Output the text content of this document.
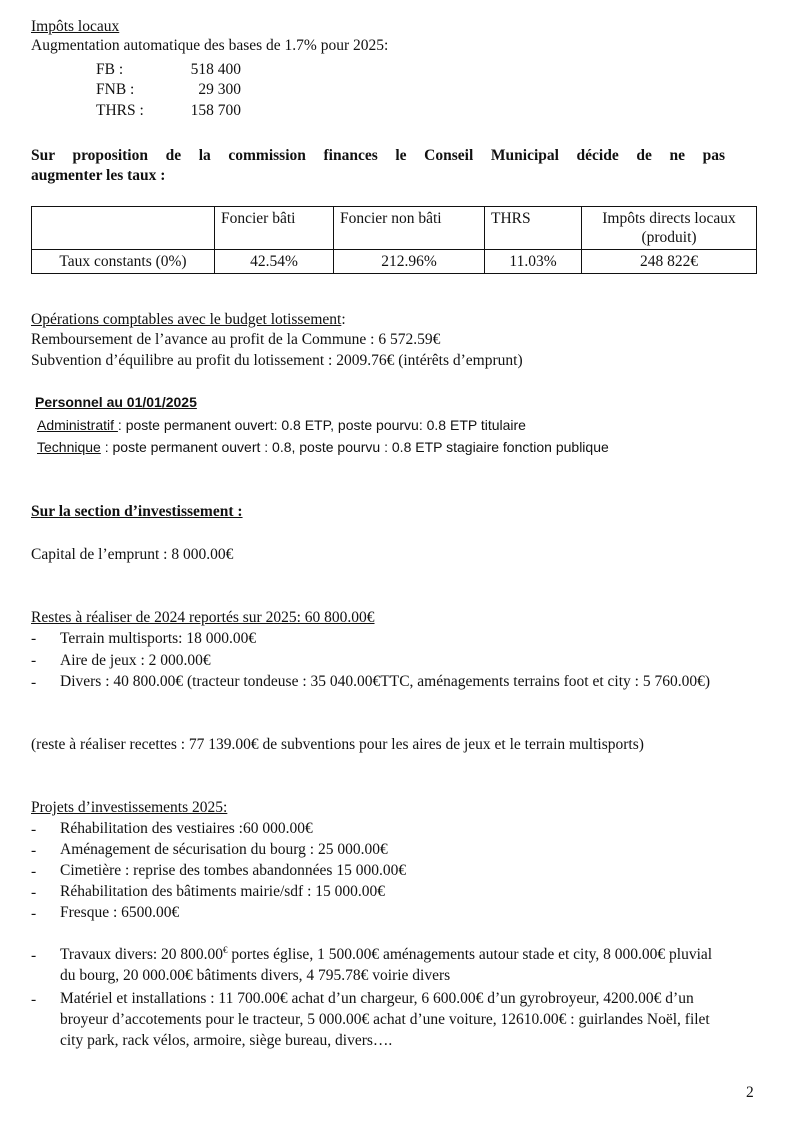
Impôts locaux
Augmentation automatique des bases de 1.7% pour 2025:
FB :	518 400
FNB :	29 300
THRS :	158 700
Sur proposition de la commission finances le Conseil Municipal décide de ne pas
augmenter les taux :
	Foncier bâti	Foncier non bâti	THRS	Impôts directs locaux (produit)
Taux constants (0%)	42.54%	212.96%	11.03%	248 822€
Opérations comptables avec le budget lotissement:
Remboursement de l’avance au profit de la Commune : 6 572.59€
Subvention d’équilibre au profit du lotissement : 2009.76€ (intérêts d’emprunt)
Personnel au 01/01/2025
Administratif : poste permanent ouvert: 0.8 ETP, poste pourvu: 0.8 ETP titulaire
Technique : poste permanent ouvert : 0.8, poste pourvu : 0.8 ETP stagiaire fonction publique
Sur la section d’investissement :
Capital de l’emprunt : 8 000.00€
Restes à réaliser de 2024 reportés sur 2025: 60 800.00€
- Terrain multisports: 18 000.00€
- Aire de jeux : 2 000.00€
- Divers : 40 800.00€ (tracteur tondeuse : 35 040.00€TTC, aménagements terrains foot et city : 5 760.00€)
(reste à réaliser recettes : 77 139.00€ de subventions pour les aires de jeux et le terrain multisports)
Projets d’investissements 2025:
- Réhabilitation des vestiaires :60 000.00€
- Aménagement de sécurisation du bourg : 25 000.00€
- Cimetière : reprise des tombes abandonnées 15 000.00€
- Réhabilitation des bâtiments mairie/sdf : 15 000.00€
- Fresque : 6500.00€
- Travaux divers: 20 800.00€ portes église, 1 500.00€ aménagements autour stade et city, 8 000.00€ pluvial du bourg, 20 000.00€ bâtiments divers, 4 795.78€ voirie divers
- Matériel et installations : 11 700.00€ achat d’un chargeur, 6 600.00€ d’un gyrobroyeur, 4200.00€ d’un broyeur d’accotements pour le tracteur, 5 000.00€ achat d’une voiture, 12610.00€ : guirlandes Noël, filet city park, rack vélos, armoire, siège bureau, divers….
2
